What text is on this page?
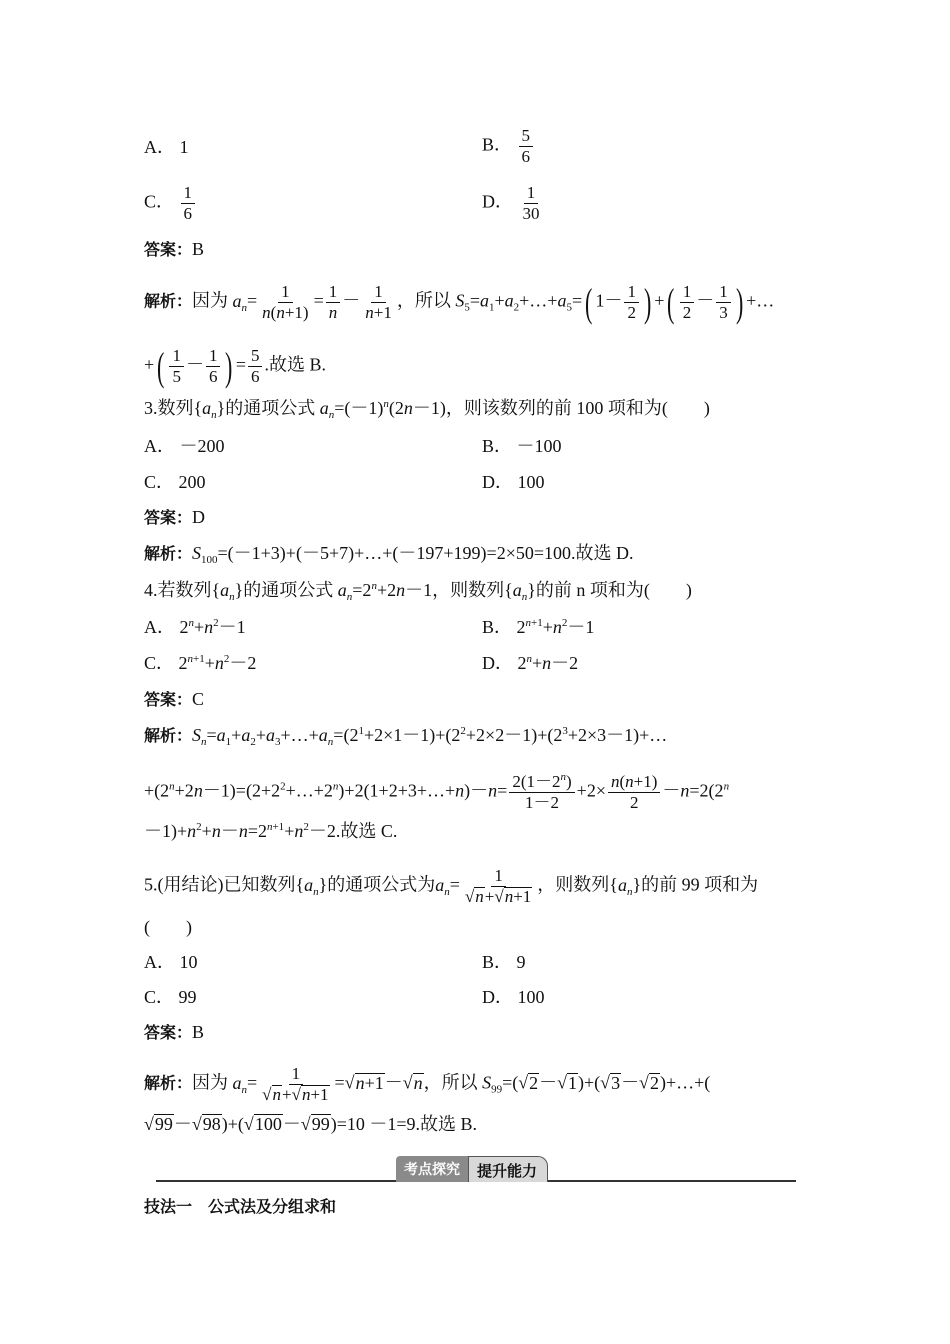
A． 1	B． $\frac{5}{6}$
C． $\frac{1}{6}$	D． $\frac{1}{30}$
答案：B
解析：因为 $a_n= \frac{1}{n(n+1)} = \frac{1}{n} - \frac{1}{n+1}$ ，所以 $S_5=a_1+a_2+\dots+a_5=$( $1- \frac{1}{2}$ ) +( $\frac{1}{2} - \frac{1}{3}$ ) +…
+( $\frac{1}{5} - \frac{1}{6}$ ) = $\frac{5}{6}$ .故选 B.
3.数列$\{a_n\}$的通项公式 $a_n=(-1)^n(2n-1)$，则该数列的前 100 项和为(　　)
A． －200	B． －100
C． 200	D． 100
答案：D
解析：$S_{100}=(-1+3)+(-5+7)+\dots+(-197+199)=2\times 50=100$.故选 D.
4.若数列$\{a_n\}$的通项公式 $a_n=2^n+2n-1$，则数列$\{a_n\}$的前 n 项和为(　　)
A． $2^n+n^2-1$	B． $2^{n+1}+n^2-1$
C． $2^{n+1}+n^2-2$	D． $2^n+n-2$
答案：C
解析：$S_n=a_1+a_2+a_3+\dots+a_n=(2^1+2\times 1-1)+(2^2+2\times 2-1)+(2^3+2\times 3-1)+\dots$
$+(2^n+2n-1)=(2+2^2+\dots+2^n)+2(1+2+3+\dots+n)-n= \frac{2(1-2^n)}{1-2} +2\times \frac{n(n+1)}{2} -n=2(2^n$
$-1)+n^2+n-n=2^{n+1}+n^2-2$.故选 C.
5.(用结论)已知数列$\{a_n\}$的通项公式为$a_n= \frac{1}{√n+√n+1}$ ，则数列$\{a_n\}$的前 99 项和为
(　　)
A． 10	B． 9
C． 99	D． 100
答案：B
解析：因为 $a_n= \frac{1}{√n+√n+1} =√n+1-√n$，所以 $S_{99}=(√2-√1)+(√3-√2)+\dots+$(
√99－√98)+(√100－√99)=10 －1=9.故选 B.
考点探究	提升能力
技法一　公式法及分组求和
